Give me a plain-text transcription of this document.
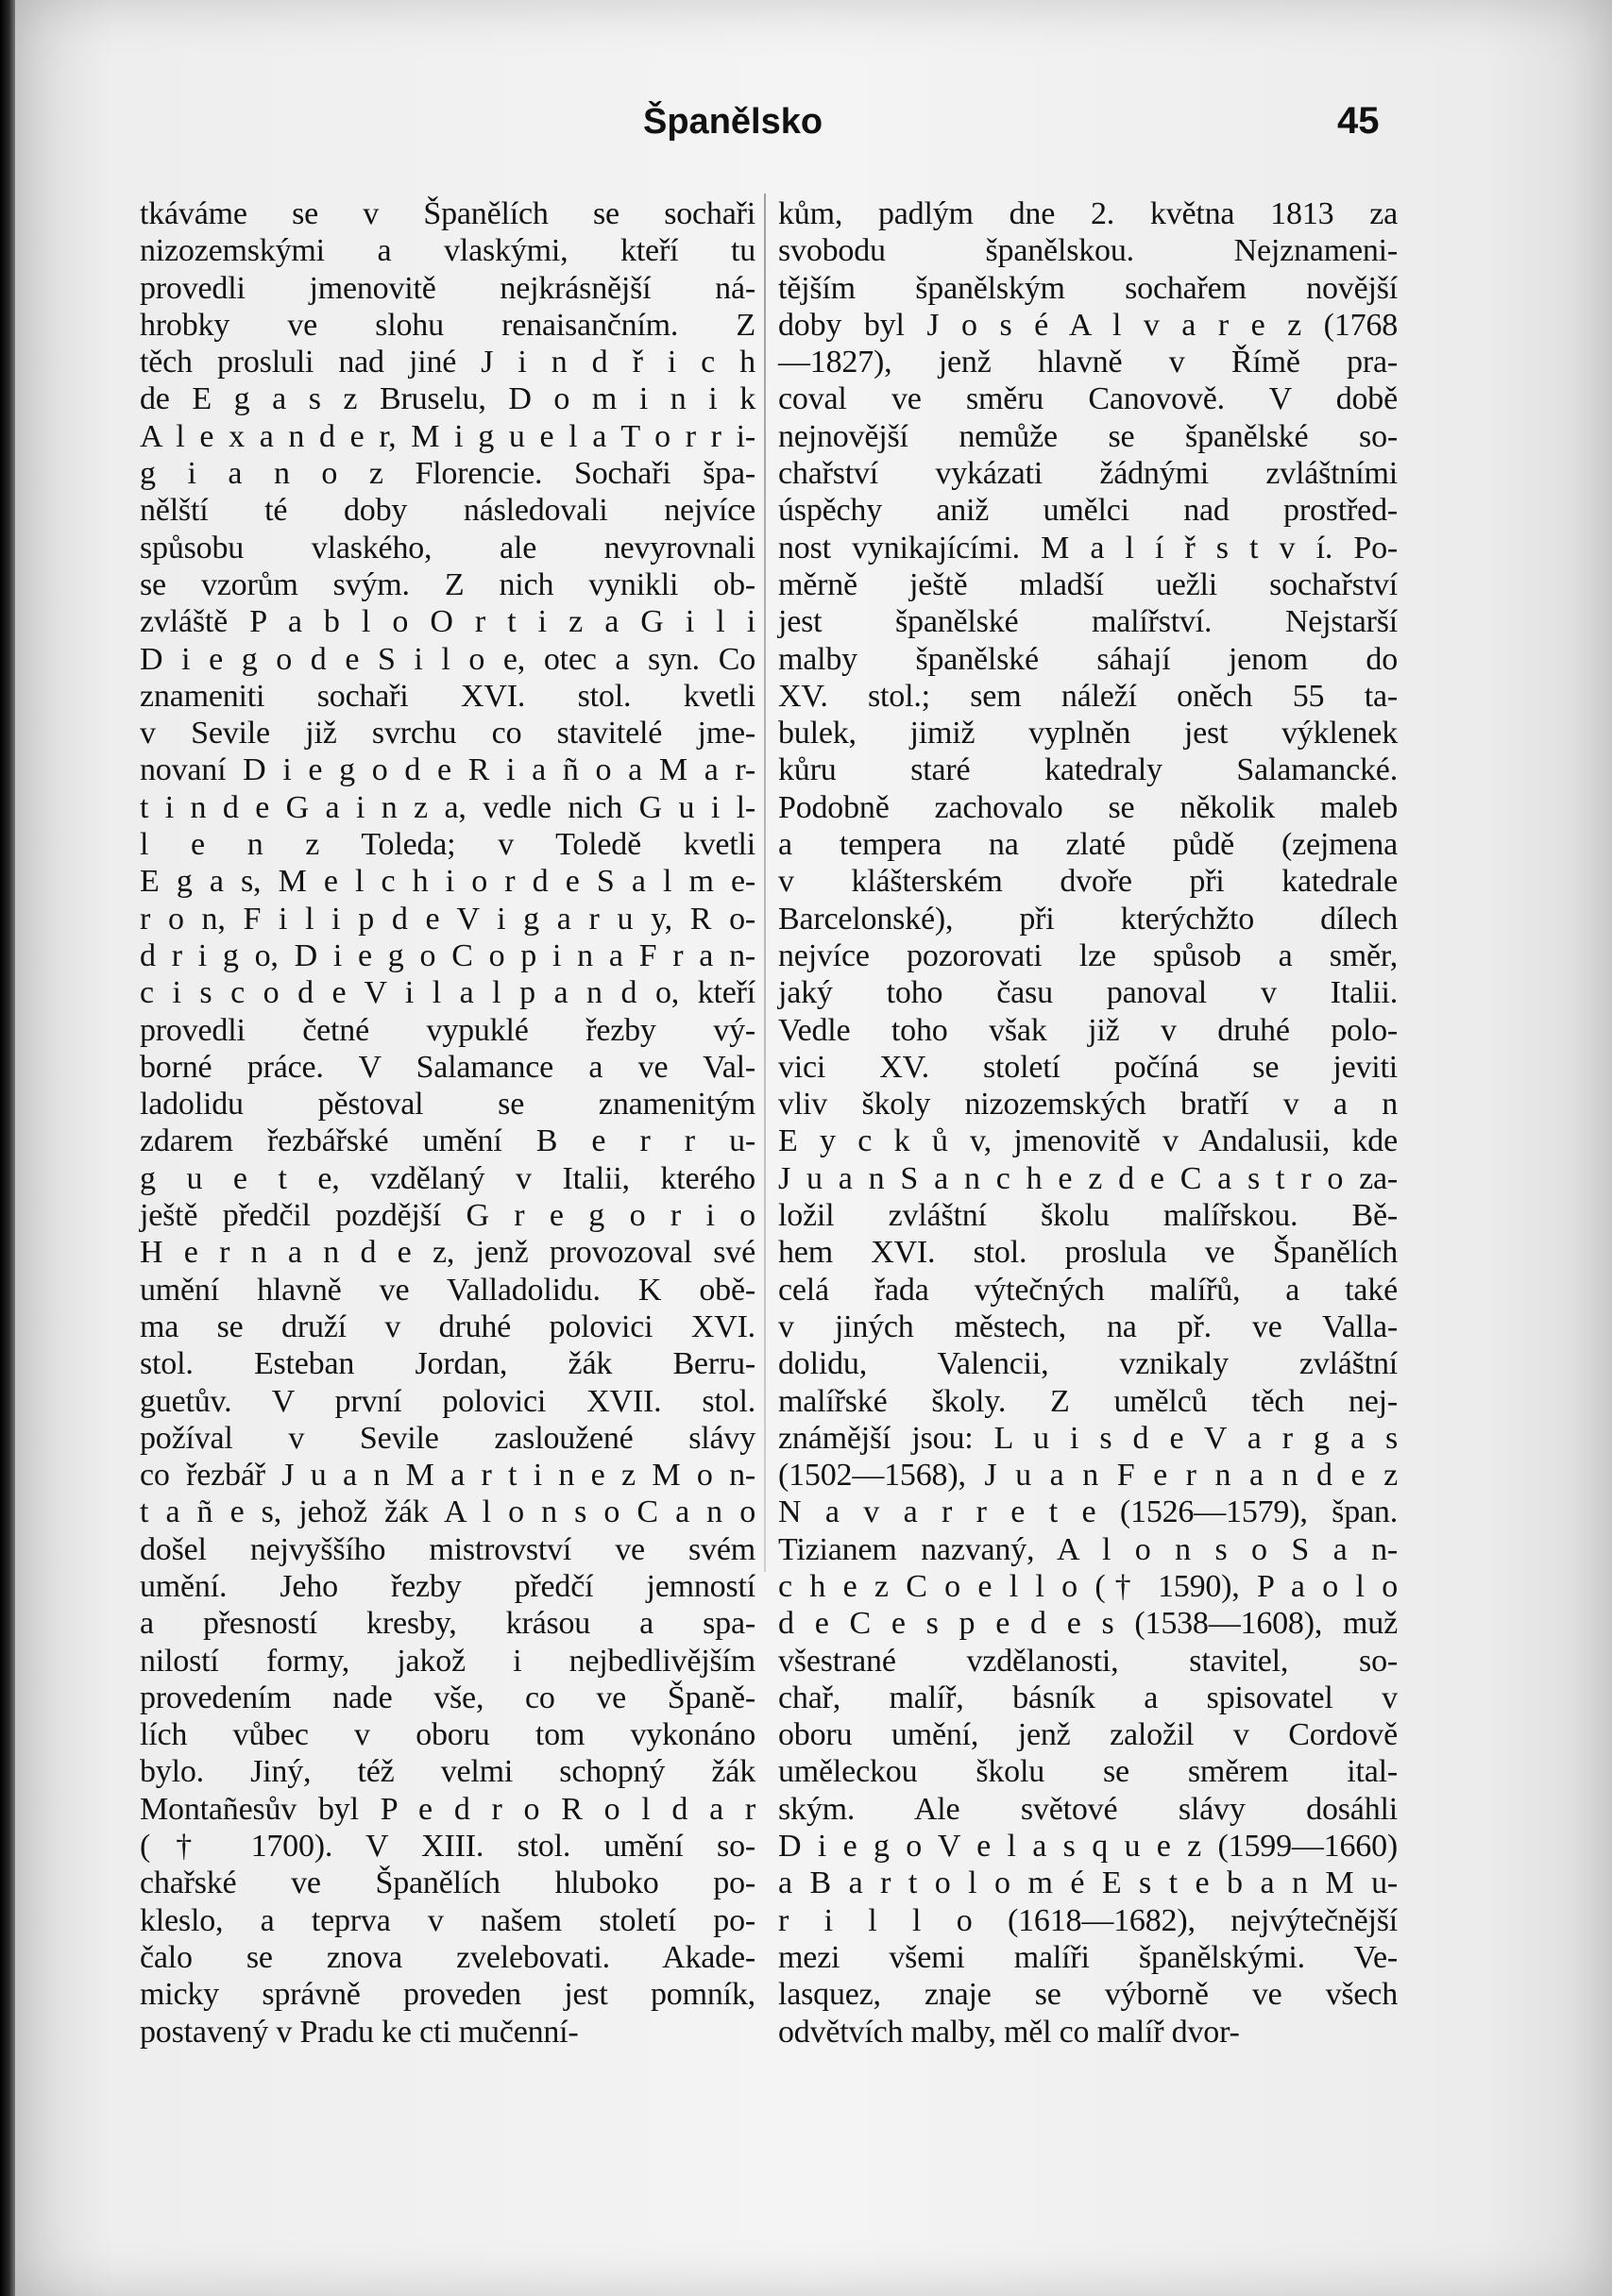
Španělsko	45
tkáváme se v Španělích se sochaři
nizozemskými a vlaskými, kteří tu
provedli jmenovitě nejkrásnější ná-
hrobky ve slohu renaisančním. Z
těch prosluli nad jiné J i n d ř i c h
de E g a s z Bruselu, D o m i n i k
A l e x a n d e r, M i g u e l a T o r r i-
g i a n o z Florencie. Sochaři špa-
nělští té doby následovali nejvíce
spůsobu vlaského, ale nevyrovnali
se vzorům svým. Z nich vynikli ob-
zvláště P a b l o O r t i z a G i l i
D i e g o d e S i l o e, otec a syn. Co
znameniti sochaři XVI. stol. kvetli
v Sevile již svrchu co stavitelé jme-
novaní D i e g o d e R i a ñ o a M a r-
t i n d e G a i n z a, vedle nich G u i l-
l e n z Toleda; v Toledě kvetli
E g a s, M e l c h i o r d e S a l m e-
r o n, F i l i p d e V i g a r u y, R o-
d r i g o, D i e g o C o p i n a F r a n-
c i s c o d e V i l a l p a n d o, kteří
provedli četné vypuklé řezby vý-
borné práce. V Salamance a ve Val-
ladolidu pěstoval se znamenitým
zdarem řezbářské umění B e r r u-
g u e t e, vzdělaný v Italii, kterého
ještě předčil pozdější G r e g o r i o
H e r n a n d e z, jenž provozoval své
umění hlavně ve Valladolidu. K obě-
ma se druží v druhé polovici XVI.
stol. Esteban Jordan, žák Berru-
guetův. V první polovici XVII. stol.
požíval v Sevile zasloužené slávy
co řezbář J u a n M a r t i n e z M o n-
t a ñ e s, jehož žák A l o n s o C a n o
došel nejvyššího mistrovství ve svém
umění. Jeho řezby předčí jemností
a přesností kresby, krásou a spa-
nilostí formy, jakož i nejbedlivějším
provedením nade vše, co ve Španě-
lích vůbec v oboru tom vykonáno
bylo. Jiný, též velmi schopný žák
Montañesův byl P e d r o R o l d a r
(† 1700). V XIII. stol. umění so-
chařské ve Španělích hluboko po-
kleslo, a teprva v našem století po-
čalo se znova zvelebovati. Akade-
micky správně proveden jest pomník,
postavený v Pradu ke cti mučenní-
kům, padlým dne 2. května 1813 za
svobodu španělskou. Nejznameni-
tějším španělským sochařem novější
doby byl J o s é A l v a r e z (1768
—1827), jenž hlavně v Římě pra-
coval ve směru Canovově. V době
nejnovější nemůže se španělské so-
chařství vykázati žádnými zvláštními
úspěchy aniž umělci nad prostřed-
nost vynikajícími. M a l í ř s t v í. Po-
měrně ještě mladší uežli sochařství
jest španělské malířství. Nejstarší
malby španělské sáhají jenom do
XV. stol.; sem náleží oněch 55 ta-
bulek, jimiž vyplněn jest výklenek
kůru staré katedraly Salamancké.
Podobně zachovalo se několik maleb
a tempera na zlaté půdě (zejmena
v klášterském dvoře při katedrale
Barcelonské), při kterýchžto dílech
nejvíce pozorovati lze spůsob a směr,
jaký toho času panoval v Italii.
Vedle toho však již v druhé polo-
vici XV. století počíná se jeviti
vliv školy nizozemských bratří v a n
E y c k ů v, jmenovitě v Andalusii, kde
J u a n S a n c h e z d e C a s t r o za-
ložil zvláštní školu malířskou. Bě-
hem XVI. stol. proslula ve Španělích
celá řada výtečných malířů, a také
v jiných městech, na př. ve Valla-
dolidu, Valencii, vznikaly zvláštní
malířské školy. Z umělců těch nej-
známější jsou: L u i s d e V a r g a s
(1502—1568), J u a n F e r n a n d e z
N a v a r r e t e (1526—1579), špan.
Tizianem nazvaný, A l o n s o S a n-
c h e z C o e l l o († 1590), P a o l o
d e C e s p e d e s (1538—1608), muž
všestrané vzdělanosti, stavitel, so-
chař, malíř, básník a spisovatel v
oboru umění, jenž založil v Cordově
uměleckou školu se směrem ital-
ským. Ale světové slávy dosáhli
D i e g o V e l a s q u e z (1599—1660)
a B a r t o l o m é E s t e b a n M u-
r i l l o (1618—1682), nejvýtečnější
mezi všemi malíři španělskými. Ve-
lasquez, znaje se výborně ve všech
odvětvích malby, měl co malíř dvor-
